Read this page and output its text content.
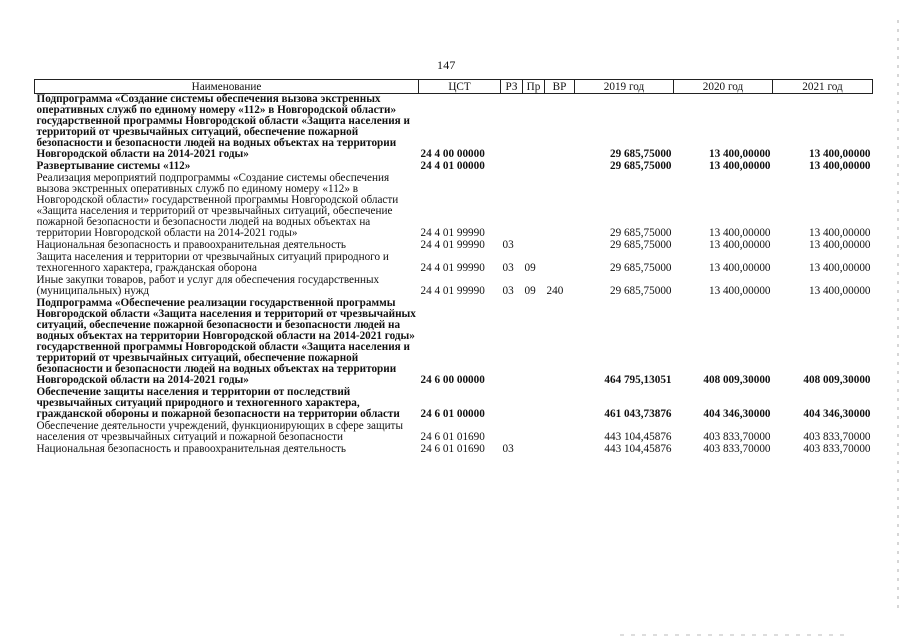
147
Наименование	ЦСТ	РЗ	Пр	ВР	2019 год	2020 год	2021 год
Подпрограмма «Создание системы обеспечения вызова экстренных оперативных служб по единому номеру «112» в Новгородской области» государственной программы Новгородской области «Защита населения и территорий от чрезвычайных ситуаций, обеспечение пожарной безопасности и безопасности людей на водных объектах на территории Новгородской области на 2014-2021 годы»	24 4 00 00000				29 685,75000	13 400,00000	13 400,00000
Развертывание системы «112»	24 4 01 00000				29 685,75000	13 400,00000	13 400,00000
Реализация мероприятий подпрограммы «Создание системы обеспечения вызова экстренных оперативных служб по единому номеру «112» в Новгородской области» государственной программы Новгородской области «Защита населения и территорий от чрезвычайных ситуаций, обеспечение пожарной безопасности и безопасности людей на водных объектах на территории Новгородской области на 2014-2021 годы»	24 4 01 99990				29 685,75000	13 400,00000	13 400,00000
Национальная безопасность и правоохранительная деятельность	24 4 01 99990	03			29 685,75000	13 400,00000	13 400,00000
Защита населения и территории от чрезвычайных ситуаций природного и техногенного характера, гражданская оборона	24 4 01 99990	03	09		29 685,75000	13 400,00000	13 400,00000
Иные закупки товаров, работ и услуг для обеспечения государственных (муниципальных) нужд	24 4 01 99990	03	09	240	29 685,75000	13 400,00000	13 400,00000
Подпрограмма «Обеспечение реализации государственной программы Новгородской области «Защита населения и территорий от чрезвычайных ситуаций, обеспечение пожарной безопасности и безопасности людей на водных объектах на территории Новгородской области на 2014-2021 годы» государственной программы Новгородской области «Защита населения и территорий от чрезвычайных ситуаций, обеспечение пожарной безопасности и безопасности людей на водных объектах на территории Новгородской области на 2014-2021 годы»	24 6 00 00000				464 795,13051	408 009,30000	408 009,30000
Обеспечение защиты населения и территории от последствий чрезвычайных ситуаций природного и техногенного характера, гражданской обороны и пожарной безопасности на территории области	24 6 01 00000				461 043,73876	404 346,30000	404 346,30000
Обеспечение деятельности учреждений, функционирующих в сфере защиты населения от чрезвычайных ситуаций и пожарной безопасности	24 6 01 01690				443 104,45876	403 833,70000	403 833,70000
Национальная безопасность и правоохранительная деятельность	24 6 01 01690	03			443 104,45876	403 833,70000	403 833,70000
